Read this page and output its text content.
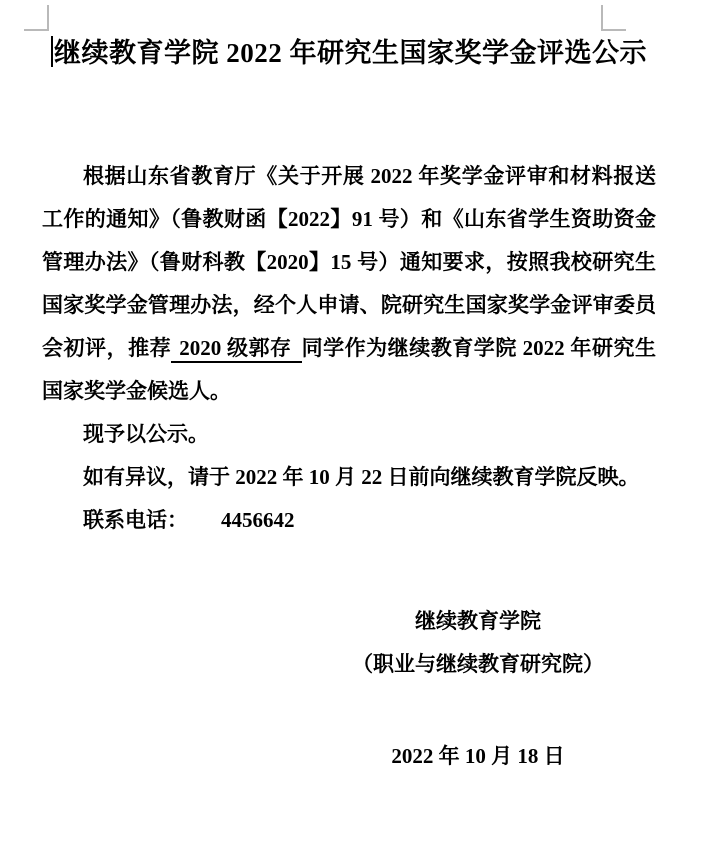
继续教育学院 2022 年研究生国家奖学金评选公示

根据山东省教育厅《关于开展 2022 年奖学金评审和材料报送工作的通知》（鲁教财函【2022】91 号）和《山东省学生资助资金管理办法》（鲁财科教【2020】15 号）通知要求，按照我校研究生国家奖学金管理办法，经个人申请、院研究生国家奖学金评审委员会初评，推荐 2020 级郭存 同学作为继续教育学院 2022 年研究生国家奖学金候选人。

现予以公示。

如有异议，请于 2022 年 10 月 22 日前向继续教育学院反映。

联系电话： 4456642

继续教育学院
（职业与继续教育研究院）
2022 年 10 月 18 日
